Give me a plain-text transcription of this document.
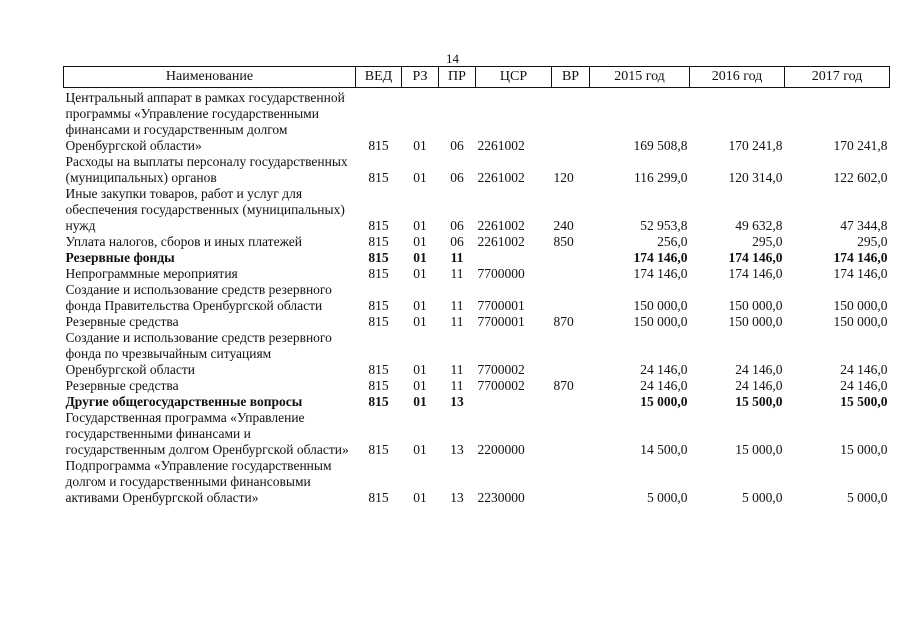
14
Наименование	ВЕД	РЗ	ПР	ЦСР	ВР	2015 год	2016 год	2017 год
Центральный аппарат в рамках государственной программы «Управление государственными финансами и государственным долгом Оренбургской области»	815	01	06	2261002		169 508,8	170 241,8	170 241,8
Расходы на выплаты персоналу государственных (муниципальных) органов	815	01	06	2261002	120	116 299,0	120 314,0	122 602,0
Иные закупки товаров, работ и услуг для обеспечения государственных (муниципальных) нужд	815	01	06	2261002	240	52 953,8	49 632,8	47 344,8
Уплата налогов, сборов и иных платежей	815	01	06	2261002	850	256,0	295,0	295,0
Резервные фонды	815	01	11			174 146,0	174 146,0	174 146,0
Непрограммные мероприятия	815	01	11	7700000		174 146,0	174 146,0	174 146,0
Создание и использование средств резервного фонда Правительства Оренбургской области	815	01	11	7700001		150 000,0	150 000,0	150 000,0
Резервные средства	815	01	11	7700001	870	150 000,0	150 000,0	150 000,0
Создание и использование средств резервного фонда по чрезвычайным ситуациям Оренбургской области	815	01	11	7700002		24 146,0	24 146,0	24 146,0
Резервные средства	815	01	11	7700002	870	24 146,0	24 146,0	24 146,0
Другие общегосударственные вопросы	815	01	13			15 000,0	15 500,0	15 500,0
Государственная программа «Управление государственными финансами и государственным долгом Оренбургской области»	815	01	13	2200000		14 500,0	15 000,0	15 000,0
Подпрограмма «Управление государственным долгом и государственными финансовыми активами Оренбургской области»	815	01	13	2230000		5 000,0	5 000,0	5 000,0
